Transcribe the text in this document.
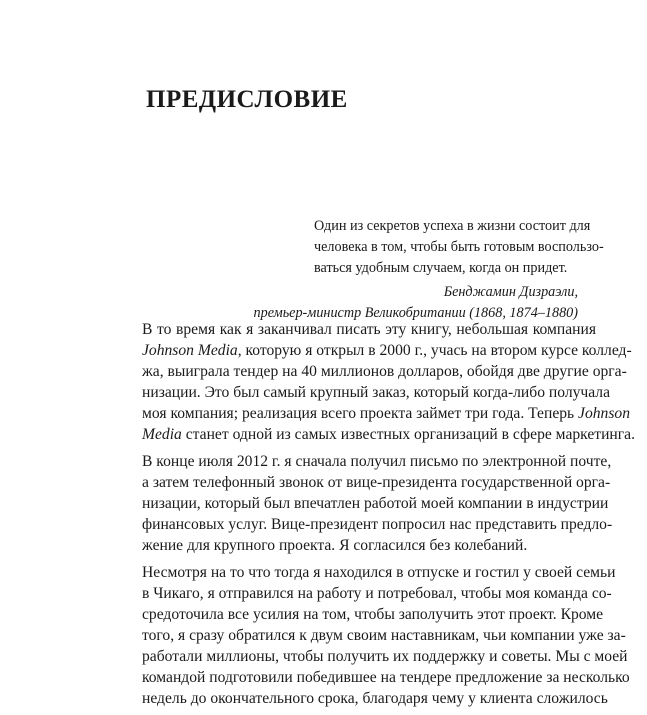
ПРЕДИСЛОВИЕ
Один из секретов успеха в жизни состоит для
человека в том, чтобы быть готовым воспользо-
ваться удобным случаем, когда он придет.
Бенджамин Дизраэли,
премьер-министр Великобритании (1868, 1874–1880)
В то время как я заканчивал писать эту книгу, небольшая компания
Johnson Media, которую я открыл в 2000 г., учась на втором курсе коллед-
жа, выиграла тендер на 40 миллионов долларов, обойдя две другие орга-
низации. Это был самый крупный заказ, который когда-либо получала
моя компания; реализация всего проекта займет три года. Теперь Johnson
Media станет одной из самых известных организаций в сфере маркетинга.
В конце июля 2012 г. я сначала получил письмо по электронной почте,
а затем телефонный звонок от вице-президента государственной орга-
низации, который был впечатлен работой моей компании в индустрии
финансовых услуг. Вице-президент попросил нас представить предло-
жение для крупного проекта. Я согласился без колебаний.
Несмотря на то что тогда я находился в отпуске и гостил у своей семьи
в Чикаго, я отправился на работу и потребовал, чтобы моя команда со-
средоточила все усилия на том, чтобы заполучить этот проект. Кроме
того, я сразу обратился к двум своим наставникам, чьи компании уже за-
работали миллионы, чтобы получить их поддержку и советы. Мы с моей
командой подготовили победившее на тендере предложение за несколько
недель до окончательного срока, благодаря чему у клиента сложилось
